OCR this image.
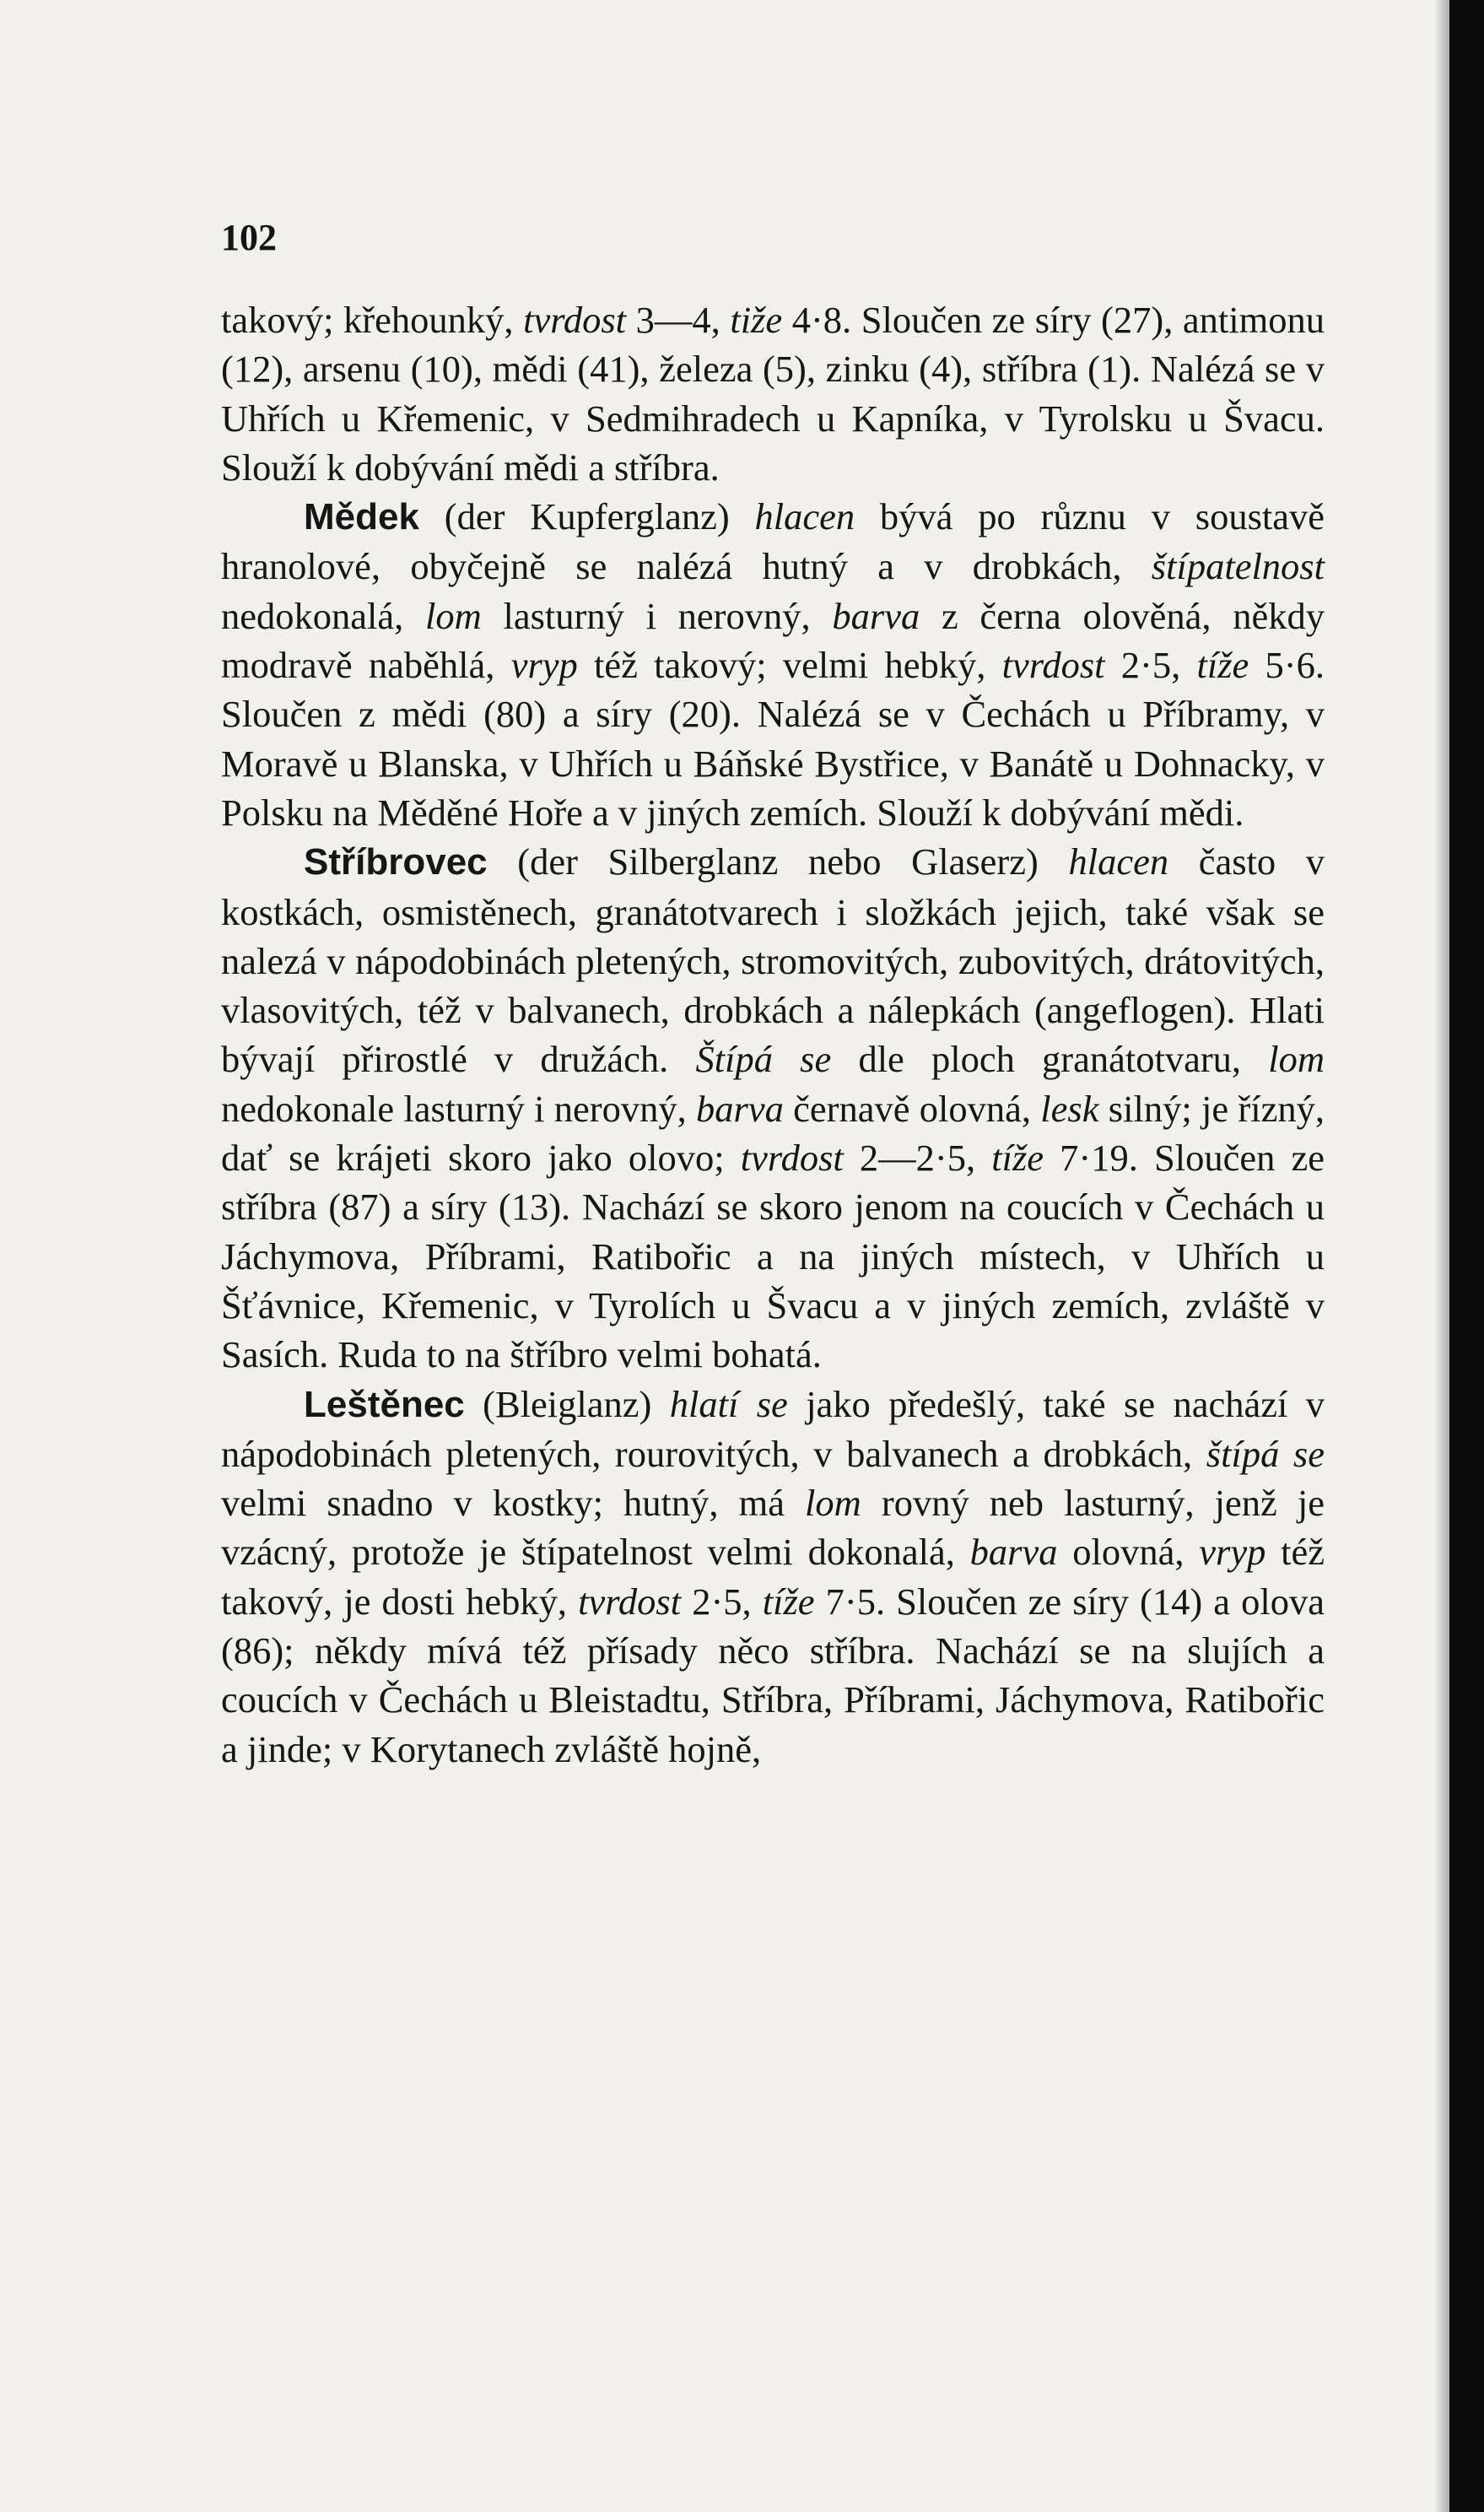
102

takový; křehounký, tvrdost 3—4, tiže 4·8. Sloučen ze síry (27), antimonu (12), arsenu (10), mědi (41), železa (5), zinku (4), stříbra (1). Nalézá se v Uhřích u Křemenic, v Sedmihradech u Kapníka, v Tyrolsku u Švacu. Slouží k dobývání mědi a stříbra.

Mědek (der Kupferglanz) hlacen bývá po různu v soustavě hranolové, obyčejně se nalézá hutný a v drobkách, štípatelnost nedokonalá, lom lasturný i nerovný, barva z černa olověná, někdy modravě naběhlá, vryp též takový; velmi hebký, tvrdost 2·5, tíže 5·6. Sloučen z mědi (80) a síry (20). Nalézá se v Čechách u Příbramy, v Moravě u Blanska, v Uhřích u Báňské Bystřice, v Banátě u Dohnacky, v Polsku na Měděné Hoře a v jiných zemích. Slouží k dobývání mědi.

Stříbrovec (der Silberglanz nebo Glaserz) hlacen často v kostkách, osmistěnech, granátotvarech i složkách jejich, také však se nalezá v nápodobinách pletených, stromovitých, zubovitých, drátovitých, vlasovitých, též v balvanech, drobkách a nálepkách (angeflogen). Hlati bývají přirostlé v družách. Štípá se dle ploch granátotvaru, lom nedokonale lasturný i nerovný, barva černavě olovná, lesk silný; je řízný, dať se krájeti skoro jako olovo; tvrdost 2—2·5, tíže 7·19. Sloučen ze stříbra (87) a síry (13). Nachází se skoro jenom na coucích v Čechách u Jáchymova, Příbrami, Ratibořic a na jiných místech, v Uhřích u Šťávnice, Křemenic, v Tyrolích u Švacu a v jiných zemích, zvláště v Sasích. Ruda to na štříbro velmi bohatá.

Leštěnec (Bleiglanz) hlatí se jako předešlý, také se nachází v nápodobinách pletených, rourovitých, v balvanech a drobkách, štípá se velmi snadno v kostky; hutný, má lom rovný neb lasturný, jenž je vzácný, protože je štípatelnost velmi dokonalá, barva olovná, vryp též takový, je dosti hebký, tvrdost 2·5, tíže 7·5. Sloučen ze síry (14) a olova (86); někdy mívá též přísady něco stříbra. Nachází se na slujích a coucích v Čechách u Bleistadtu, Stříbra, Příbrami, Jáchymova, Ratibořic a jinde; v Korytanech zvláště hojně,
